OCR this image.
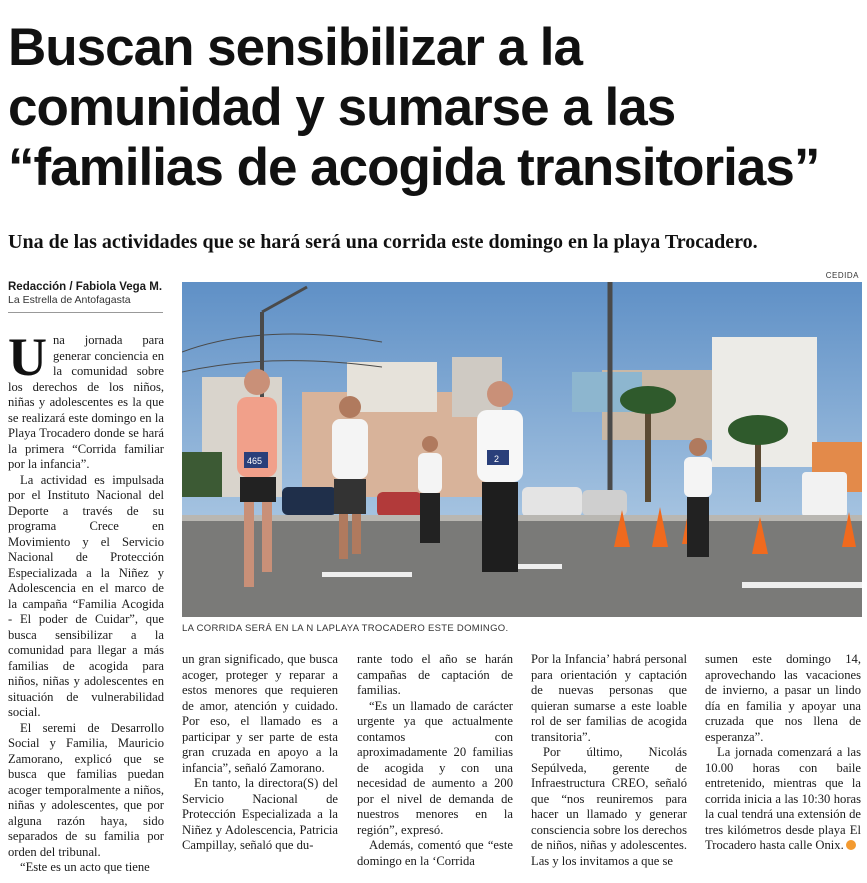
Buscan sensibilizar a la
comunidad y sumarse a las
“familias de acogida transitorias”
Una de las actividades que se hará será una corrida este domingo en la playa Trocadero.
Redacción / Fabiola Vega M.
La Estrella de Antofagasta
CEDIDA
465	2
LA CORRIDA SERÁ EN LA N LAPLAYA TROCADERO ESTE DOMINGO.

Una jornada para generar conciencia en la comunidad sobre los derechos de los niños, niñas y adolescentes es la que se realizará este domingo en la Playa Trocadero donde se hará la primera “Corrida familiar por la infancia”.

La actividad es impulsada por el Instituto Nacional del Deporte a través de su programa Crece en Movimiento y el Servicio Nacional de Protección Especializada a la Niñez y Adolescencia en el marco de la campaña “Familia Acogida - El poder de Cuidar”, que busca sensibilizar a la comunidad para llegar a más familias de acogida para niños, niñas y adolescentes en situación de vulnerabilidad social.

El seremi de Desarrollo Social y Familia, Mauricio Zamorano, explicó que se busca que familias puedan acoger temporalmente a niños, niñas y adolescentes, que por alguna razón haya, sido separados de su familia por orden del tribunal.

“Este es un acto que tiene

un gran significado, que busca acoger, proteger y reparar a estos menores que requieren de amor, atención y cuidado. Por eso, el llamado es a participar y ser parte de esta gran cruzada en apoyo a la infancia”, señaló Zamorano.

En tanto, la directora(S) del Servicio Nacional de Protección Especializada a la Niñez y Adolescencia, Patricia Campillay, señaló que du-

rante todo el año se harán campañas de captación de familias.

“Es un llamado de carácter urgente ya que actualmente contamos con aproximadamente 20 familias de acogida y con una necesidad de aumento a 200 por el nivel de demanda de nuestros menores en la región”, expresó.

Además, comentó que “este domingo en la ‘Corrida

Por la Infancia’ habrá personal para orientación y captación de nuevas personas que quieran sumarse a este loable rol de ser familias de acogida transitoria”.

Por último, Nicolás Sepúlveda, gerente de Infraestructura CREO, señaló que “nos reuniremos para hacer un llamado y generar consciencia sobre los derechos de niños, niñas y adolescentes. Las y los invitamos a que se

sumen este domingo 14, aprovechando las vacaciones de invierno, a pasar un lindo día en familia y apoyar una cruzada que nos llena de esperanza”.

La jornada comenzará a las 10.00 horas con baile entretenido, mientras que la corrida inicia a las 10:30 horas la cual tendrá una extensión de tres kilómetros desde playa El Trocadero hasta calle Onix.
